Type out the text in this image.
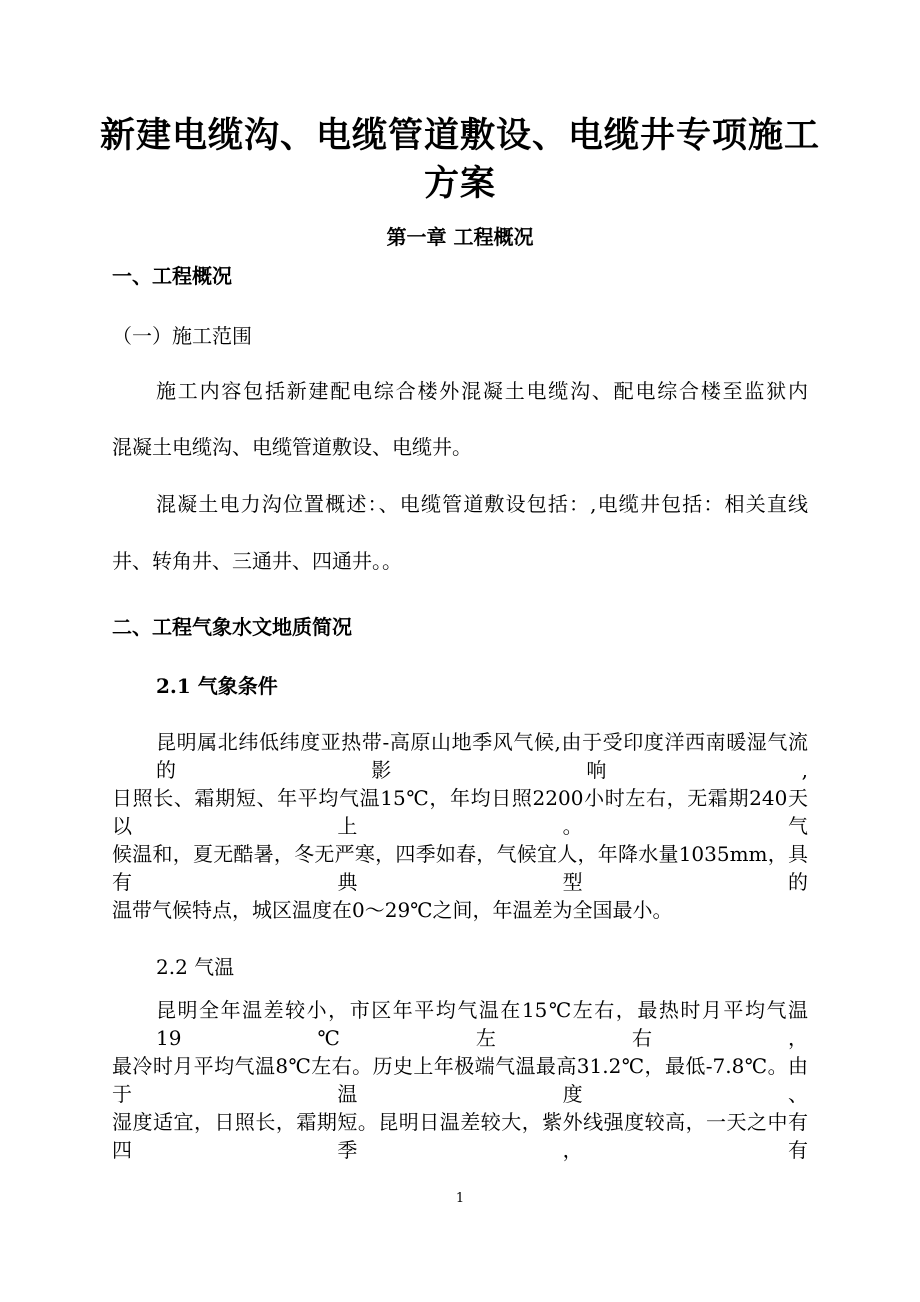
新建电缆沟、电缆管道敷设、电缆井专项施工
方案
第一章 工程概况
一、工程概况
（一）施工范围
施工内容包括新建配电综合楼外混凝土电缆沟、配电综合楼至监狱内
混凝土电缆沟、电缆管道敷设、电缆井。
混凝土电力沟位置概述：、电缆管道敷设包括：,电缆井包括：相关直线
井、转角井、三通井、四通井。。
二、工程气象水文地质简况
2.1 气象条件
昆明属北纬低纬度亚热带-高原山地季风气候,由于受印度洋西南暖湿气流的影响,
日照长、霜期短、年平均气温15℃，年均日照2200小时左右，无霜期240天以上。气
候温和，夏无酷暑，冬无严寒，四季如春，气候宜人，年降水量1035mm，具有典型的
温带气候特点，城区温度在0～29℃之间，年温差为全国最小。
2.2 气温
昆明全年温差较小，市区年平均气温在15℃左右，最热时月平均气温19℃左右，
最冷时月平均气温8℃左右。历史上年极端气温最高31.2℃，最低-7.8℃。由于温度、
湿度适宜，日照长，霜期短。昆明日温差较大，紫外线强度较高，一天之中有四季，有
1
